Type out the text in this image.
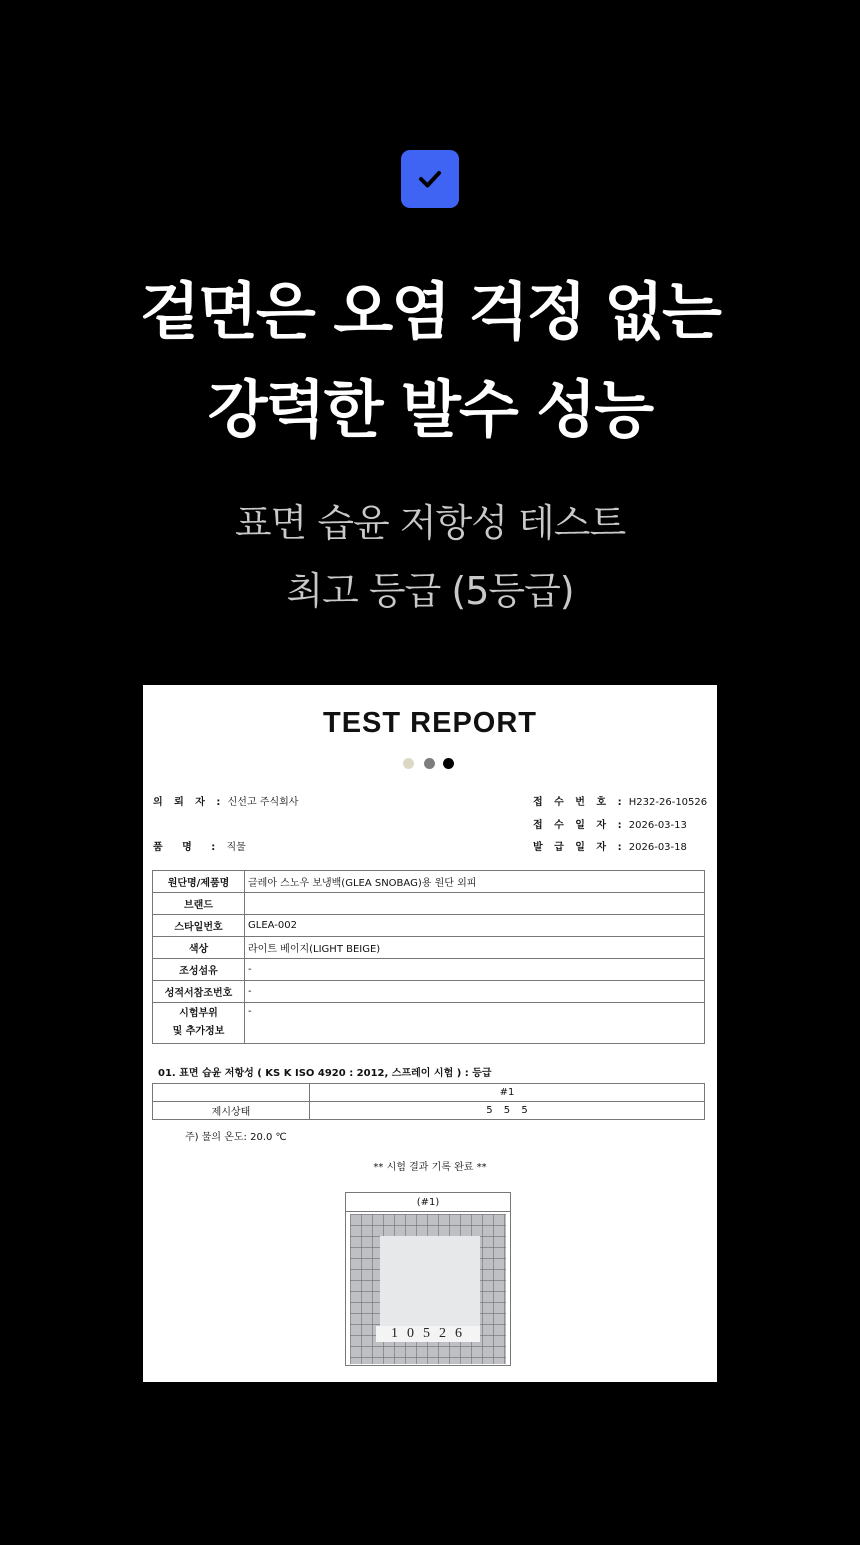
겉면은 오염 걱정 없는
강력한 발수 성능
표면 습윤 저항성 테스트
최고 등급 (5등급)
TEST REPORT
의 뢰 자 : 신선고 주식회사
품 명 : 직물
접 수 번 호 : H232-26-10526
접 수 일 자 : 2026-03-13
발 급 일 자 : 2026-03-18
원단명/제품명	글레아 스노우 보냉백(GLEA SNOBAG)용 원단 외피
브랜드	
스타일번호	GLEA-002
색상	라이트 베이지(LIGHT BEIGE)
조성섬유	-
성적서참조번호	-

시험부위
및 추가정보	-
01. 표면 습윤 저항성 ( KS K ISO 4920 : 2012, 스프레이 시험 ) : 등급
	#1
제시상태	5 5 5
주) 물의 온도: 20.0 ℃
** 시험 결과 기록 완료 **
(#1)
10526
